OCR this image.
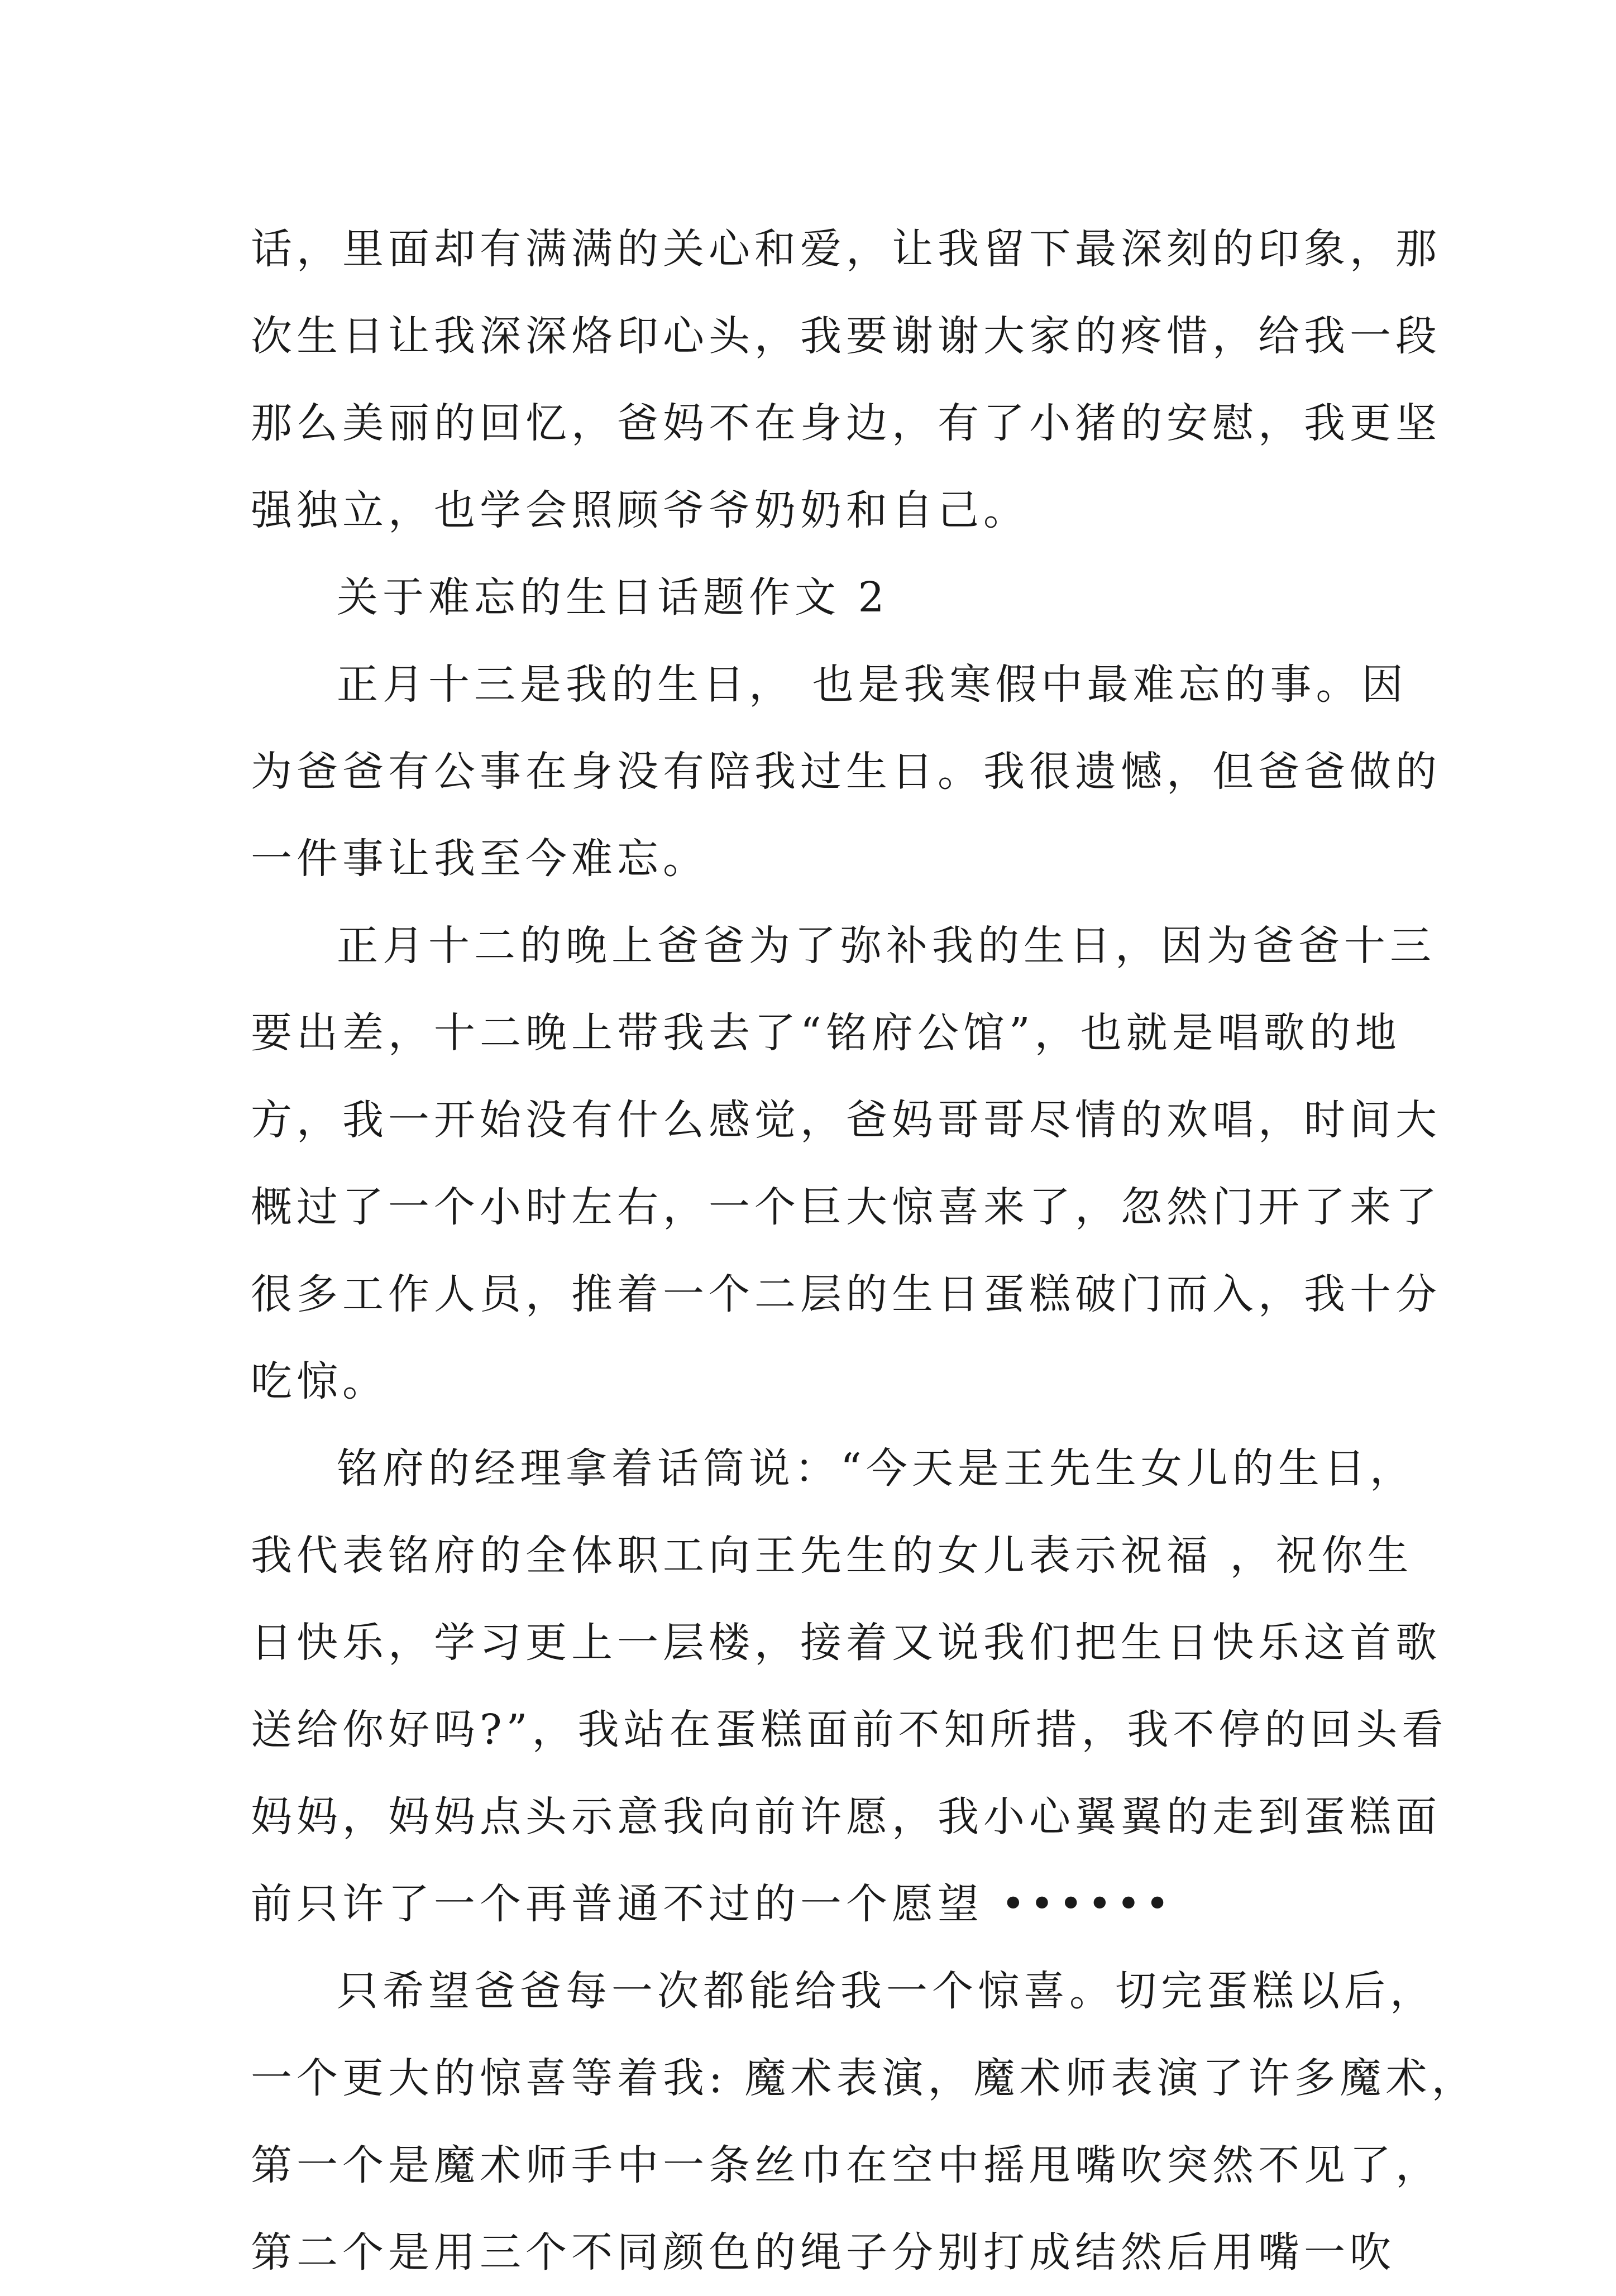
话，里面却有满满的关心和爱，让我留下最深刻的印象，那
次生日让我深深烙印心头，我要谢谢大家的疼惜，给我一段
那么美丽的回忆，爸妈不在身边，有了小猪的安慰，我更坚
强独立，也学会照顾爷爷奶奶和自己。
关于难忘的生日话题作文 2
正月十三是我的生日， 也是我寒假中最难忘的事。因
为爸爸有公事在身没有陪我过生日。我很遗憾，但爸爸做的
一件事让我至今难忘。
正月十二的晚上爸爸为了弥补我的生日，因为爸爸十三
要出差，十二晚上带我去了“铭府公馆”，也就是唱歌的地
方，我一开始没有什么感觉，爸妈哥哥尽情的欢唱，时间大
概过了一个小时左右，一个巨大惊喜来了，忽然门开了来了
很多工作人员，推着一个二层的生日蛋糕破门而入，我十分
吃惊。
铭府的经理拿着话筒说：“今天是王先生女儿的生日，
我代表铭府的全体职工向王先生的女儿表示祝福 ，祝你生
日快乐，学习更上一层楼，接着又说我们把生日快乐这首歌
送给你好吗?”，我站在蛋糕面前不知所措，我不停的回头看
妈妈，妈妈点头示意我向前许愿，我小心翼翼的走到蛋糕面
前只许了一个再普通不过的一个愿望 ••••••
只希望爸爸每一次都能给我一个惊喜。切完蛋糕以后，
一个更大的惊喜等着我: 魔术表演，魔术师表演了许多魔术，
第一个是魔术师手中一条丝巾在空中摇甩嘴吹突然不见了，
第二个是用三个不同颜色的绳子分别打成结然后用嘴一吹
